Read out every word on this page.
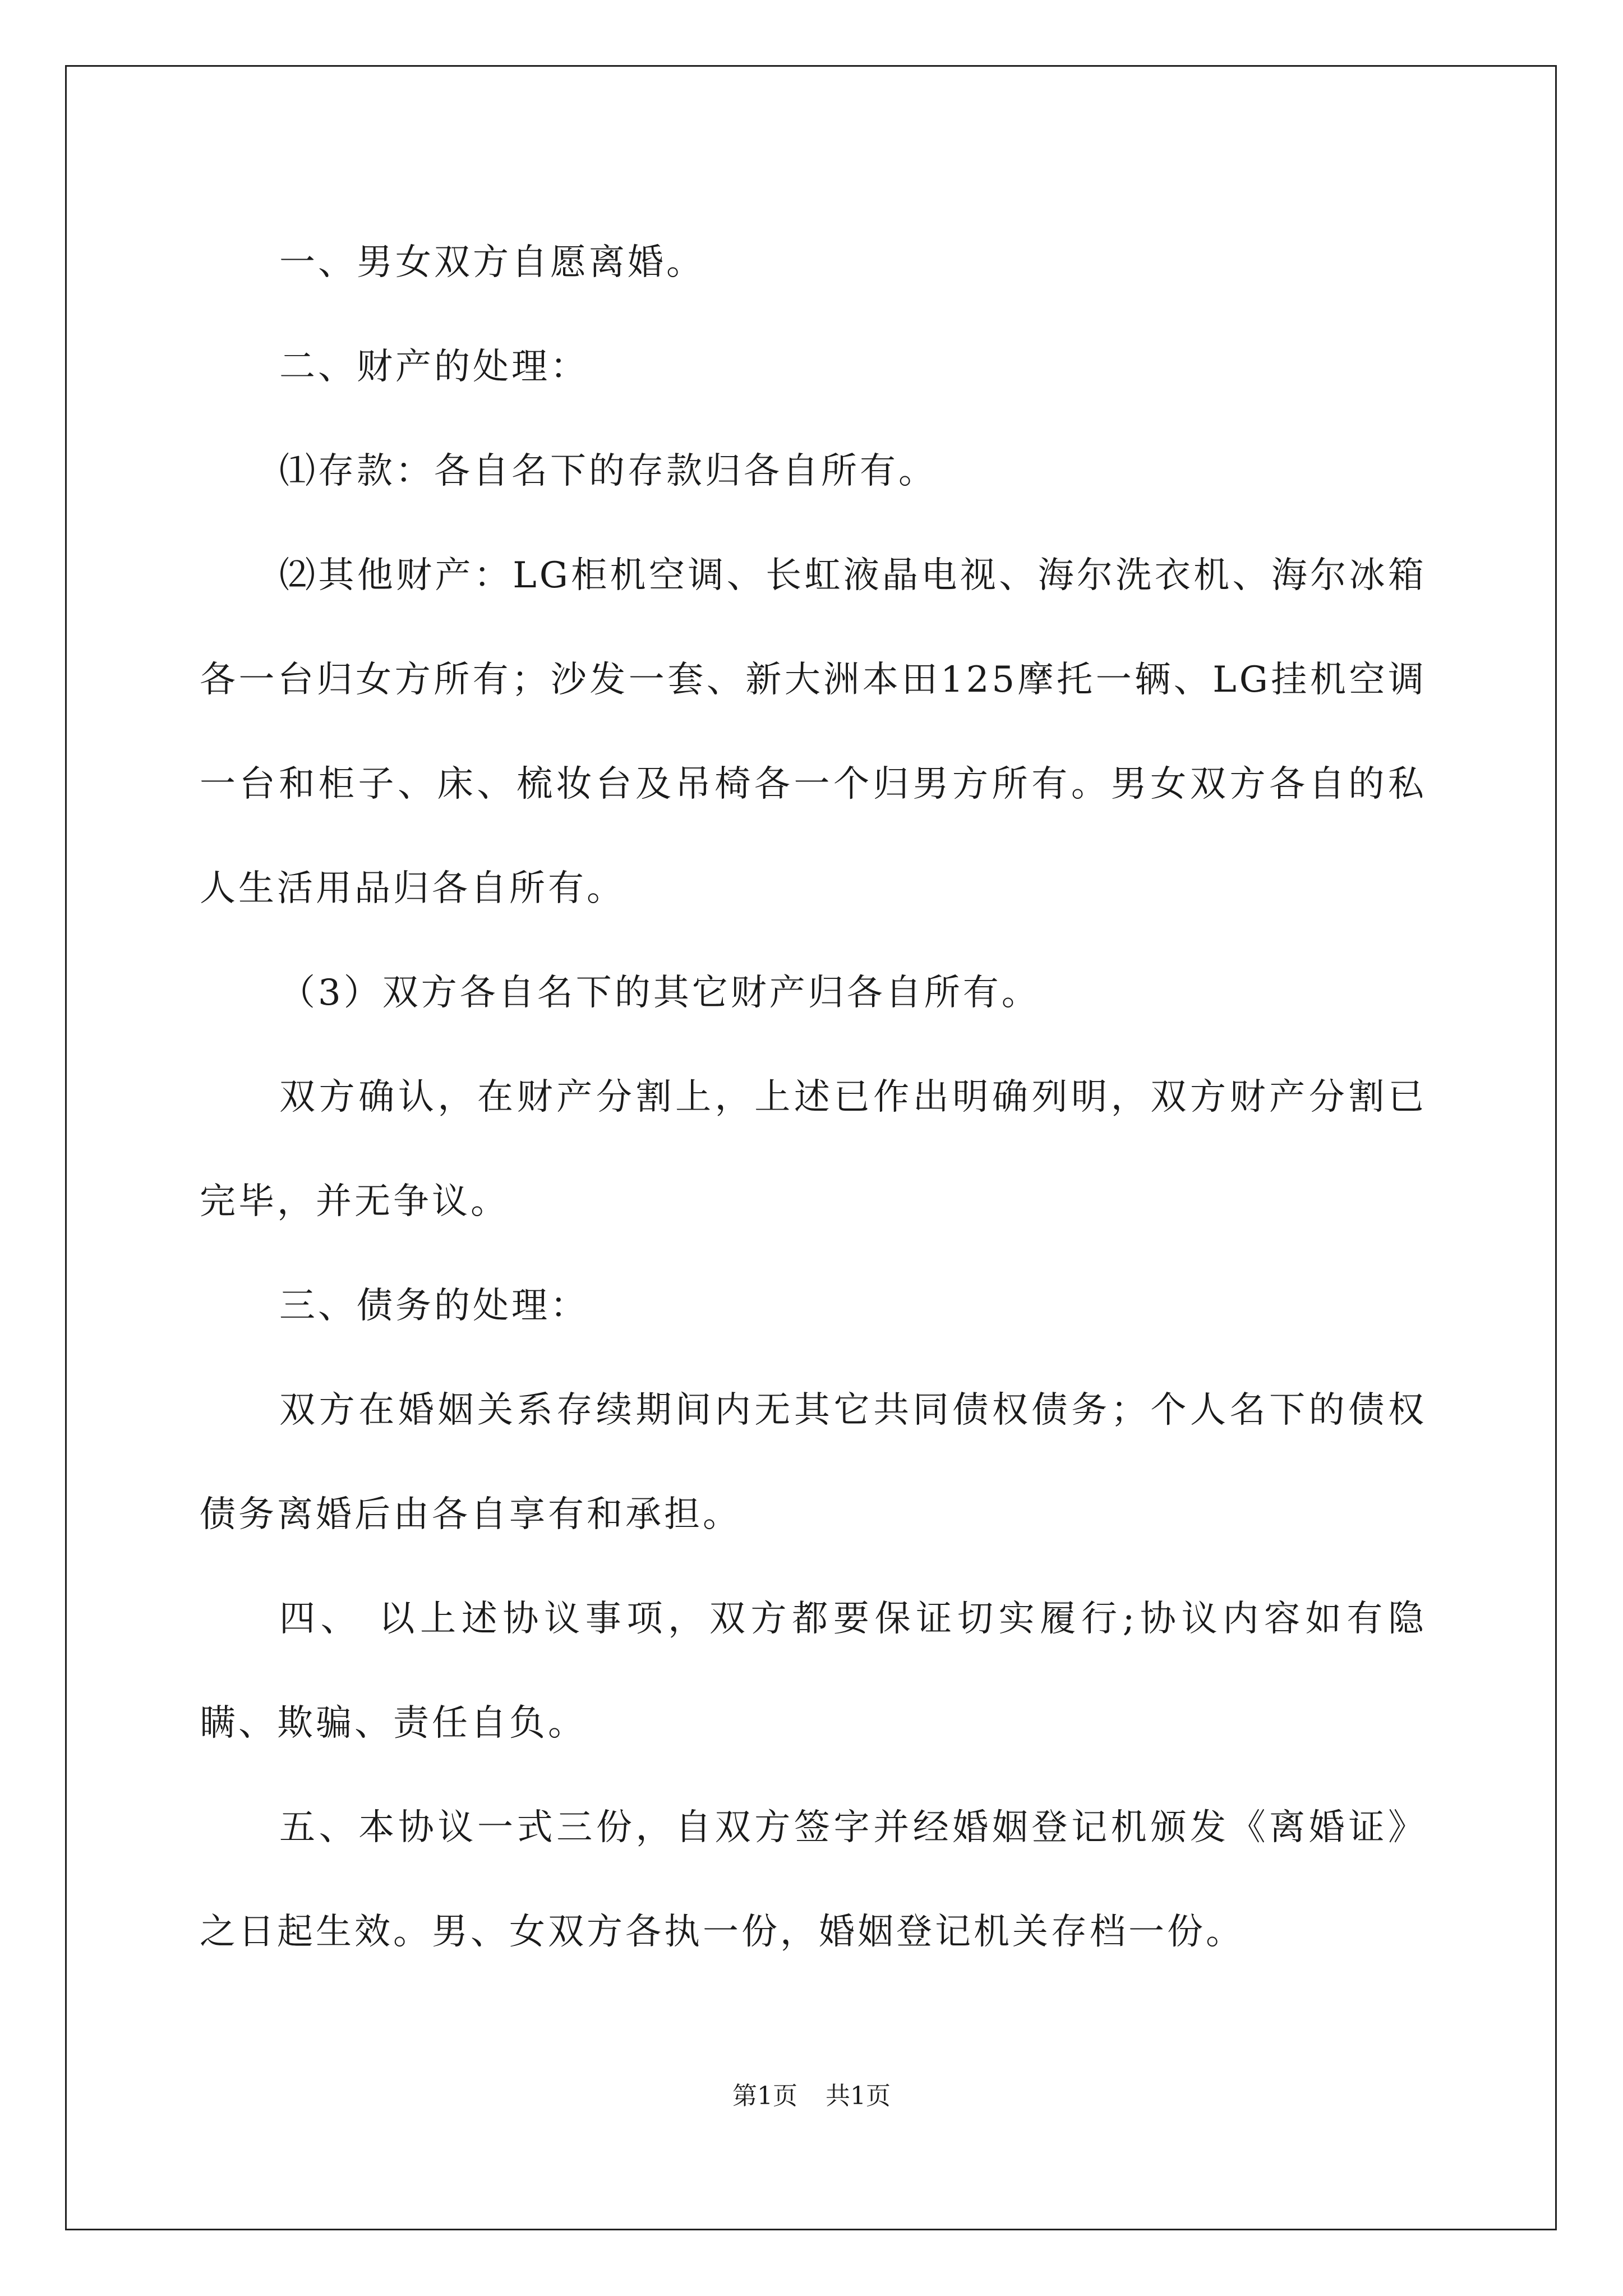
一、男女双方自愿离婚。

二、财产的处理：

⑴存款：各自名下的存款归各自所有。

⑵其他财产：LG柜机空调、长虹液晶电视、海尔洗衣机、海尔冰箱各一台归女方所有；沙发一套、新大洲本田125摩托一辆、LG挂机空调一台和柜子、床、梳妆台及吊椅各一个归男方所有。男女双方各自的私人生活用品归各自所有。

（3）双方各自名下的其它财产归各自所有。

双方确认，在财产分割上，上述已作出明确列明，双方财产分割已完毕，并无争议。

三、债务的处理：

双方在婚姻关系存续期间内无其它共同债权债务；个人名下的债权债务离婚后由各自享有和承担。

四、 以上述协议事项，双方都要保证切实履行;协议内容如有隐瞒、欺骗、责任自负。

五、本协议一式三份，自双方签字并经婚姻登记机颁发《离婚证》之日起生效。男、女双方各执一份，婚姻登记机关存档一份。

第1页 共1页
